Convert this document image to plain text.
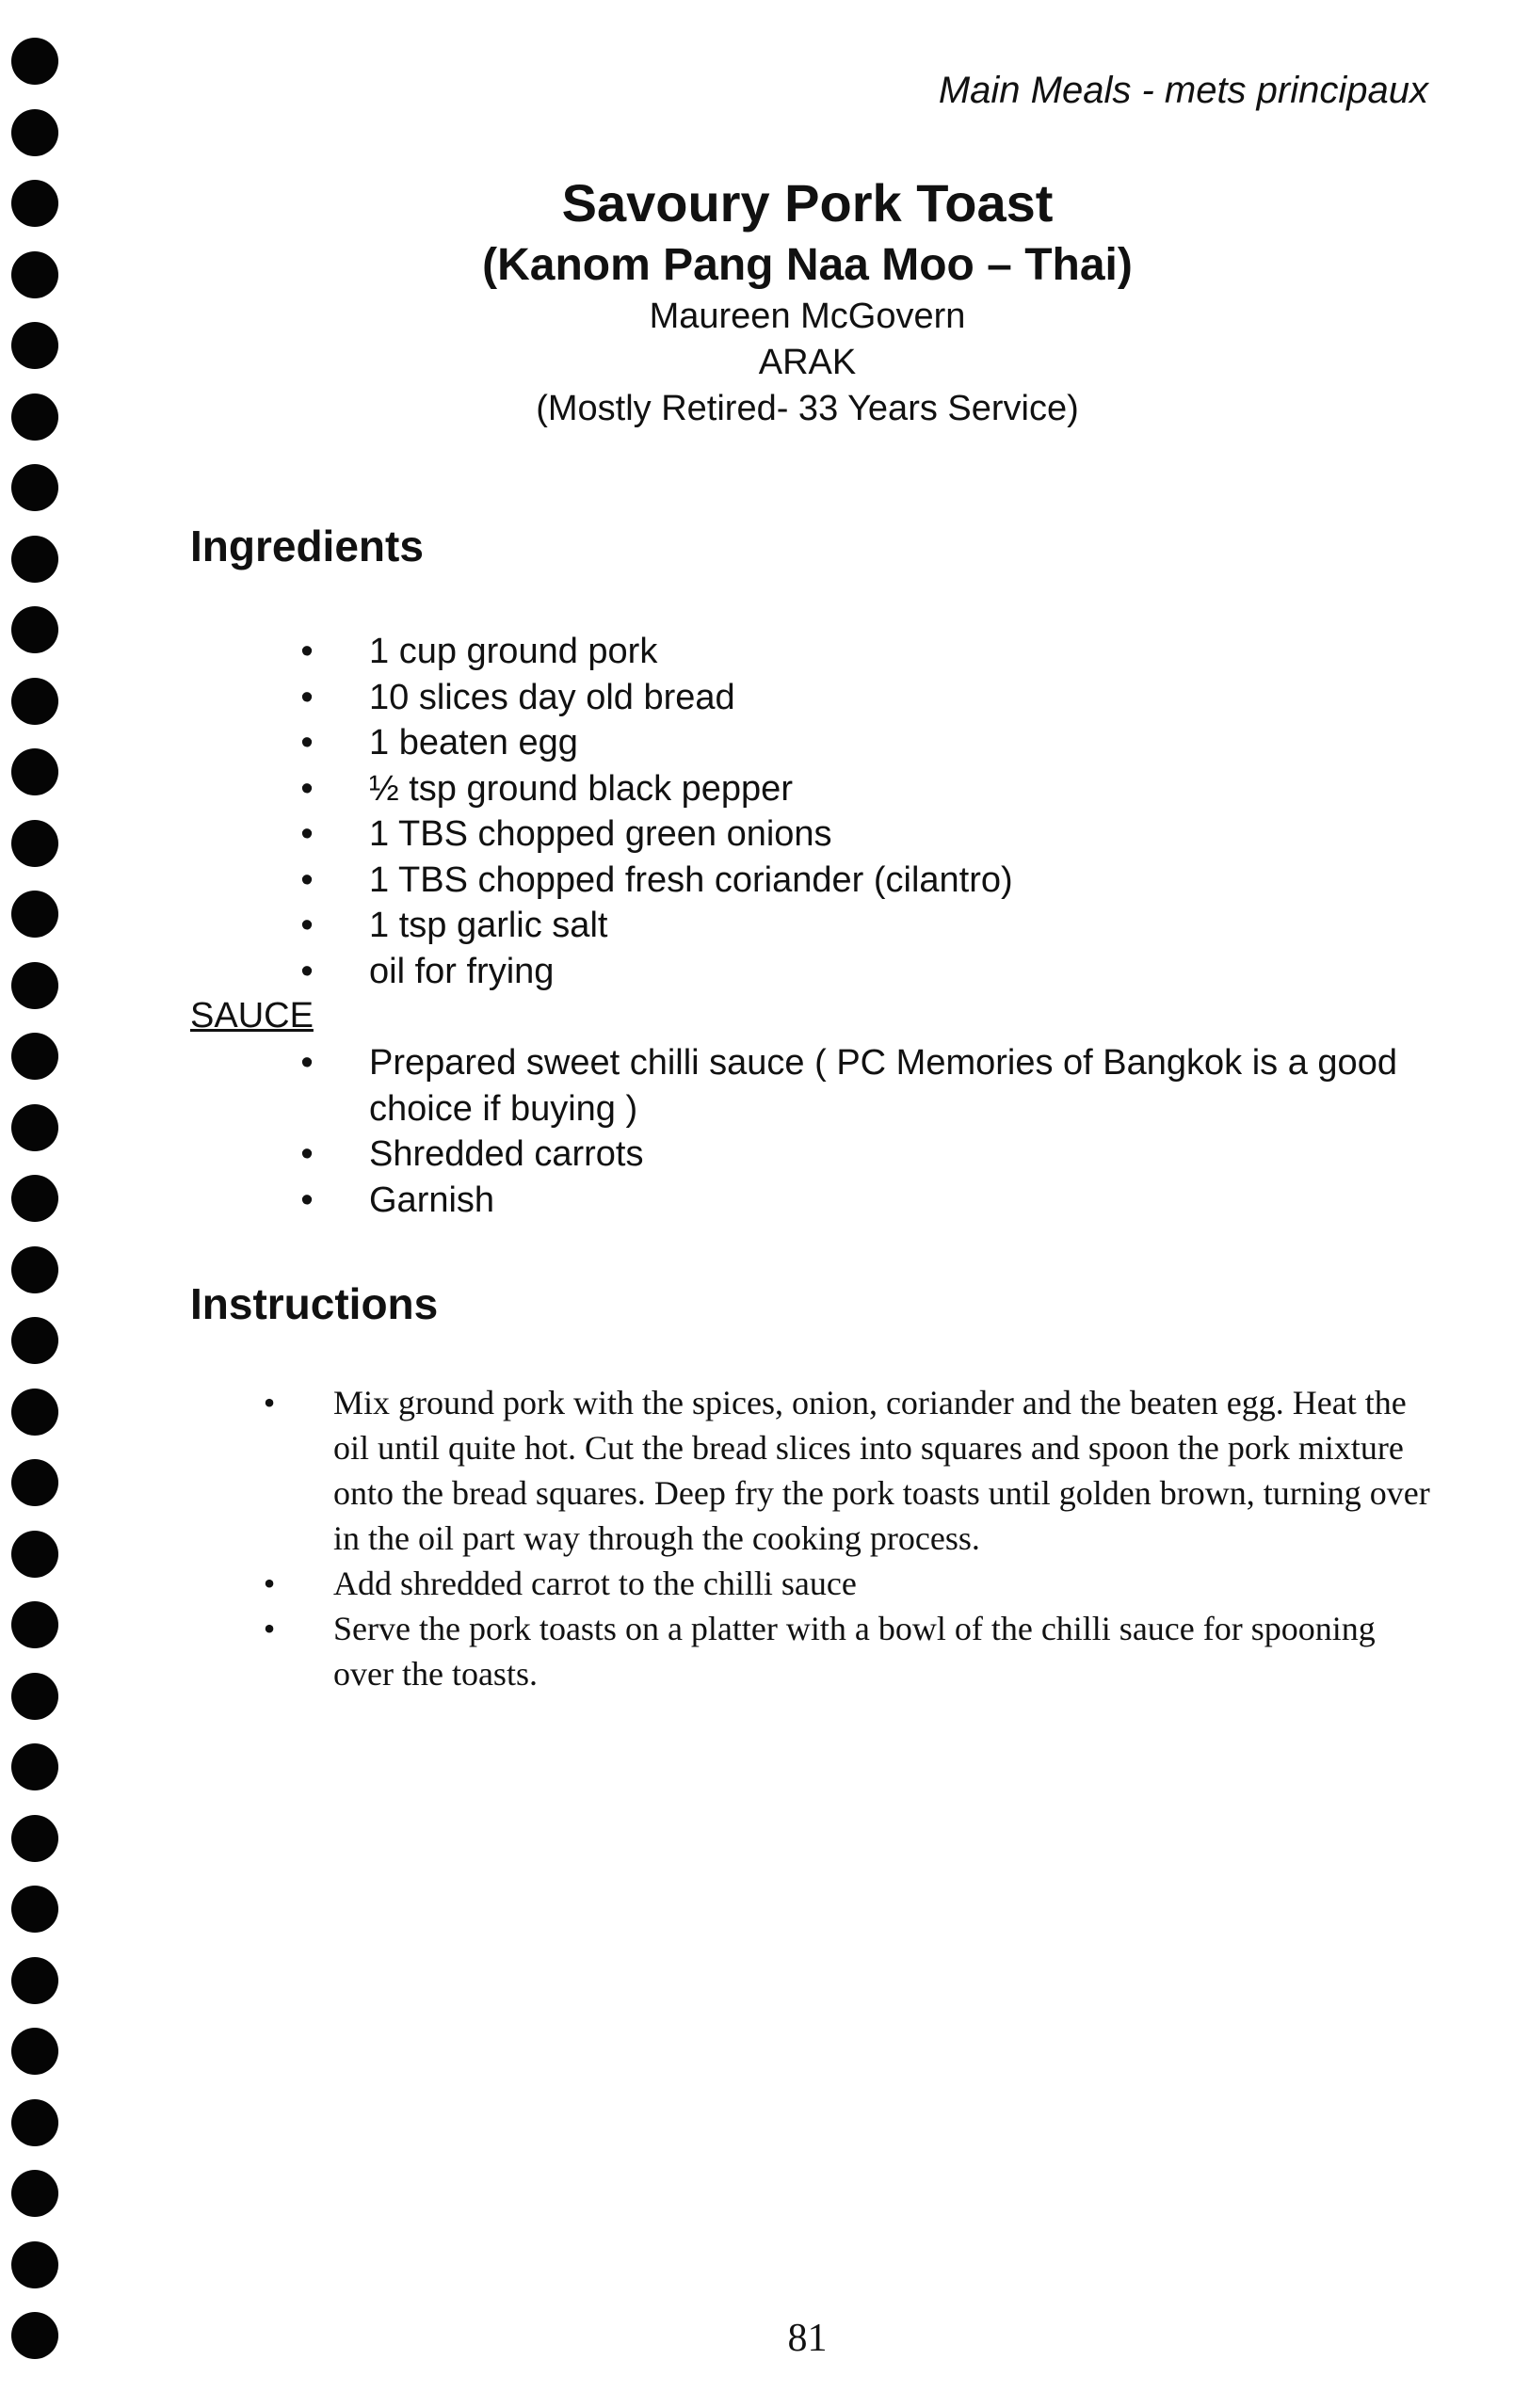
Main Meals - mets principaux
Savoury Pork Toast
(Kanom Pang Naa Moo – Thai)
Maureen McGovern
ARAK
(Mostly Retired- 33 Years Service)
Ingredients
• 1 cup ground pork
• 10 slices day old bread
• 1 beaten egg
• ½ tsp ground black pepper
• 1 TBS chopped green onions
• 1 TBS chopped fresh coriander (cilantro)
• 1 tsp garlic salt
• oil for frying
SAUCE
• Prepared sweet chilli sauce ( PC Memories of Bangkok is a good choice if buying )
• Shredded carrots
• Garnish
Instructions
• Mix ground pork with the spices, onion, coriander and the beaten egg. Heat the oil until quite hot. Cut the bread slices into squares and spoon the pork mixture onto the bread squares. Deep fry the pork toasts until golden brown, turning over in the oil part way through the cooking process.
• Add shredded carrot to the chilli sauce
• Serve the pork toasts on a platter with a bowl of the chilli sauce for spooning over the toasts.
81
